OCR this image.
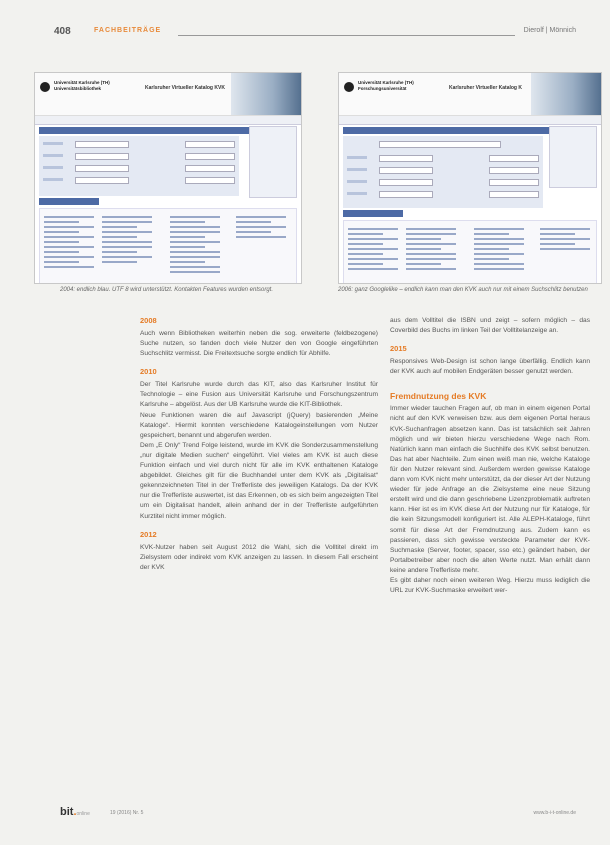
408	FACHBEITRÄGE	Dierolf | Mönnich
Universität Karlsruhe (TH)
Universitätsbibliothek	Karlsruher Virtueller Katalog KVK
Universität Karlsruhe (TH)
Forschungsuniversität	Karlsruher Virtueller Katalog K
2004: endlich blau. UTF 8 wird unterstützt. Kontakten Features wurden entsorgt.	2006: ganz Googlelike – endlich kann man den KVK auch nur mit einem Suchschlitz benutzen

2008

Auch wenn Bibliotheken weiterhin neben die sog. erweiterte (feldbezogene) Suche nutzen, so fanden doch viele Nutzer den von Google eingeführten Suchschlitz vermisst. Die Freitextsuche sorgte endlich für Abhilfe.

2010

Der Titel Karlsruhe wurde durch das KIT, also das Karlsruher Institut für Technologie – eine Fusion aus Universität Karlsruhe und Forschungszentrum Karlsruhe – abgelöst. Aus der UB Karlsruhe wurde die KIT-Bibliothek.

Neue Funktionen waren die auf Javascript (jQuery) basierenden „Meine Kataloge“. Hiermit konnten verschiedene Katalogeinstellungen vom Nutzer gespeichert, benannt und abgerufen werden.

Dem „E Only“ Trend Folge leistend, wurde im KVK die Sonderzusammenstellung „nur digitale Medien suchen“ eingeführt. Viel vieles am KVK ist auch diese Funktion einfach und viel durch nicht für alle im KVK enthaltenen Kataloge abgebildet. Gleiches gilt für die Buchhandel unter dem KVK als „Digitalisat“ gekennzeichneten Titel in der Trefferliste des jeweiligen Katalogs. Da der KVK nur die Trefferliste auswertet, ist das Erkennen, ob es sich beim angezeigten Titel um ein Digitalisat handelt, allein anhand der in der Trefferliste aufgeführten Kurztitel nicht immer möglich.

2012

KVK-Nutzer haben seit August 2012 die Wahl, sich die Volltitel direkt im Zielsystem oder indirekt vom KVK anzeigen zu lassen. In diesem Fall erscheint der KVK

aus dem Volltitel die ISBN und zeigt – sofern möglich – das Coverbild des Buchs im linken Teil der Volltitelanzeige an.

2015

Responsives Web-Design ist schon lange überfällig. Endlich kann der KVK auch auf mobilen Endgeräten besser genutzt werden.

Fremdnutzung des KVK

Immer wieder tauchen Fragen auf, ob man in einem eigenen Portal nicht auf den KVK verweisen bzw. aus dem eigenen Portal heraus KVK-Suchanfragen absetzen kann. Das ist tatsächlich seit Jahren möglich und wir bieten hierzu verschiedene Wege nach Rom. Natürlich kann man einfach die Suchhilfe des KVK selbst benutzen. Das hat aber Nachteile. Zum einen weiß man nie, welche Kataloge für den Nutzer relevant sind. Außerdem werden gewisse Kataloge dann vom KVK nicht mehr unterstützt, da der dieser Art der Nutzung wieder für jede Anfrage an die Zielsysteme eine neue Sitzung erstellt wird und die dann geschriebene Lizenzproblematik auftreten kann. Hier ist es im KVK diese Art der Nutzung nur für Kataloge, für die kein Sitzungsmodell konfiguriert ist. Alle ALEPH-Kataloge, führt somit für diese Art der Fremdnutzung aus. Zudem kann es passieren, dass sich gewisse versteckte Parameter der KVK-Suchmaske (Server, footer, spacer, sso etc.) geändert haben, der Portalbetreiber aber noch die alten Werte nutzt. Man erhält dann keine andere Trefferliste mehr.

Es gibt daher noch einen weiteren Weg. Hierzu muss lediglich die URL zur KVK-Suchmaske erweitert wer-

bit.online	19 (2016) Nr. 5	www.b-i-t-online.de
